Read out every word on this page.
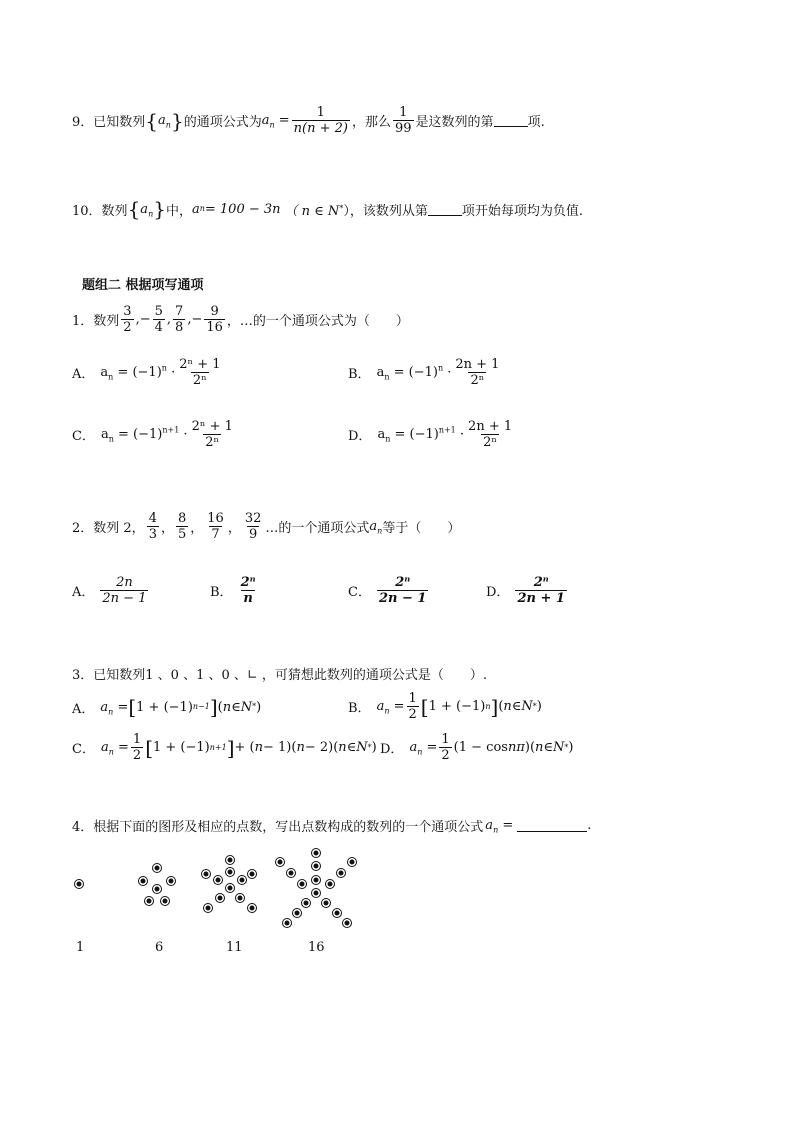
9． 已知数列 { $a_n$ } 的通项公式为 $a_n = \frac{1}{n(n + 2)}$ ，那么 $\frac{1}{99}$ 是这数列的第	项.
10． 数列 { $a_n$ } 中， a n = 100 − 3n （ n ∈ N * ），该数列从第	项开始每项均为负值.
题组二 根据项写通项
1． 数列 $\frac{3}{2}$ ,− $\frac{5}{4}$ , $\frac{7}{8}$ ,− $\frac{9}{16}$ ，…的一个通项公式为（　　）
A． $a_n = (-1)^n \cdot \frac{\text{2ⁿ + 1}}{\text{2ⁿ}}$	B． $a_n = (-1)^n \cdot \frac{2n + 1}{\text{2ⁿ}}$
C． $a_n = (-1)^{n+1} \cdot \frac{\text{2ⁿ + 1}}{\text{2ⁿ}}$	D． $a_n = (-1)^{n+1} \cdot \frac{2n + 1}{\text{2ⁿ}}$
2． 数列 2， $\frac{4}{3}$ ， $\frac{8}{5}$ ， $\frac{16}{7}$ ， $\frac{32}{9}$ …的一个通项公式 $a_n$ 等于（　　）
A． $\frac{2n}{2n - 1}$	B． $\frac{\text{2ⁿ}}{n}$	C． $\frac{\text{2ⁿ}}{2n - 1}$	D． $\frac{\text{2ⁿ}}{2n + 1}$
3． 已知数列1 、0 、1 、0 、∟ ，可猜想此数列的通项公式是（　　）.
A． $a_n$ = [ 1 + (−1) n−1 ] ( n ∈ N * )	B． $a_n = \frac{1}{2}$ [ 1 + (−1) n ] ( n ∈ N * )
C． $a_n = \frac{1}{2}$ [ 1 + (−1) n+1 ] + ( n − 1)( n − 2)( n ∈ N * ) D． $a_n = \frac{1}{2} (1 - \cos n\pi$ )( n ∈ N * )
4． 根据下面的图形及相应的点数，写出点数构成的数列的一个通项公式 $a_n$ =	.
1	6	11	16
